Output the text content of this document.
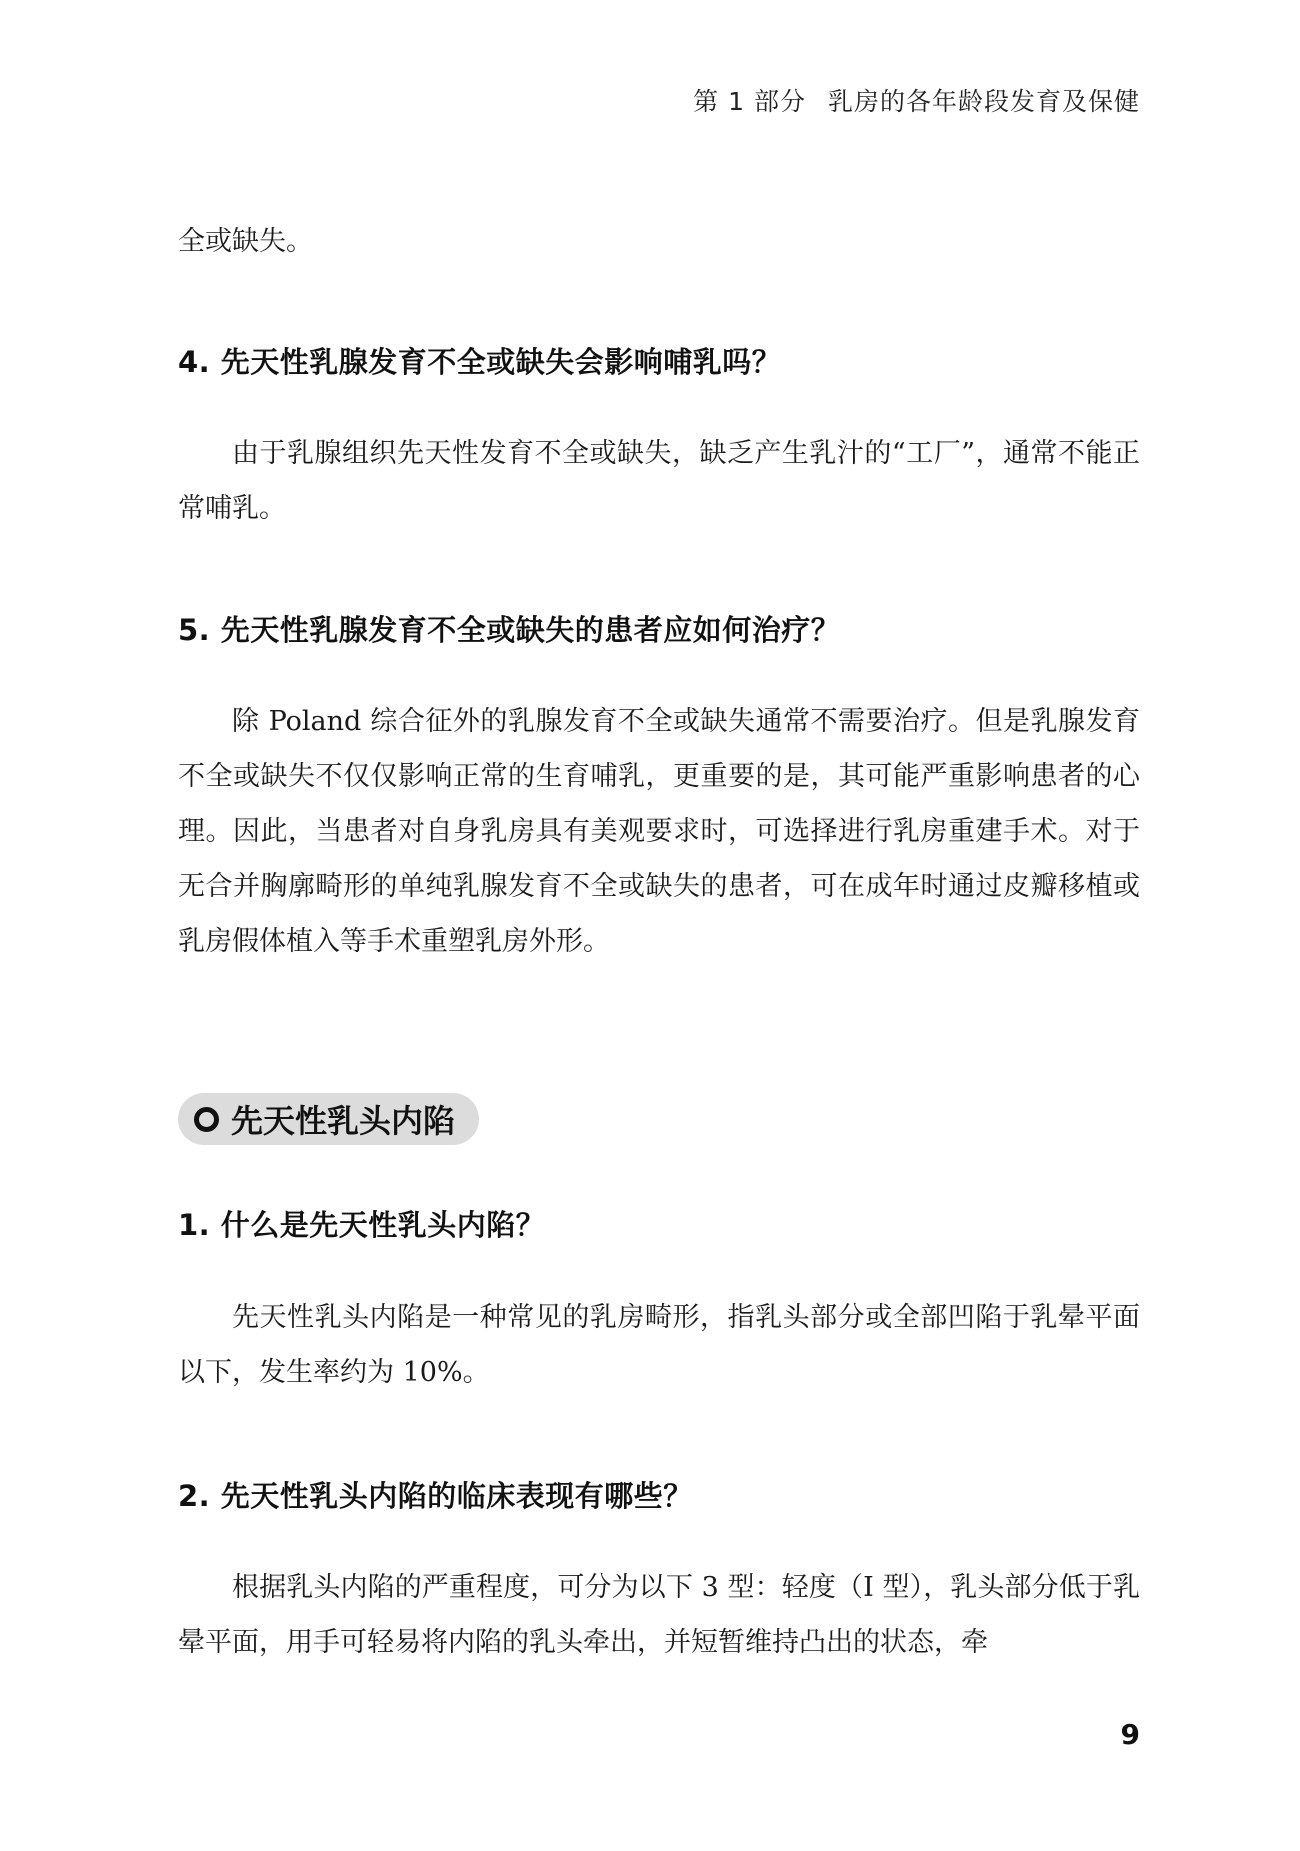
第 1 部分 乳房的各年龄段发育及保健

全或缺失。

4. 先天性乳腺发育不全或缺失会影响哺乳吗？

由于乳腺组织先天性发育不全或缺失，缺乏产生乳汁的“工厂”，通常不能正常哺乳。

5. 先天性乳腺发育不全或缺失的患者应如何治疗？

除 Poland 综合征外的乳腺发育不全或缺失通常不需要治疗。但是乳腺发育不全或缺失不仅仅影响正常的生育哺乳，更重要的是，其可能严重影响患者的心理。因此，当患者对自身乳房具有美观要求时，可选择进行乳房重建手术。对于无合并胸廓畸形的单纯乳腺发育不全或缺失的患者，可在成年时通过皮瓣移植或乳房假体植入等手术重塑乳房外形。

先天性乳头内陷
1. 什么是先天性乳头内陷？

先天性乳头内陷是一种常见的乳房畸形，指乳头部分或全部凹陷于乳晕平面以下，发生率约为 10%。

2. 先天性乳头内陷的临床表现有哪些？

根据乳头内陷的严重程度，可分为以下 3 型：轻度（I 型），乳头部分低于乳晕平面，用手可轻易将内陷的乳头牵出，并短暂维持凸出的状态，牵

9
